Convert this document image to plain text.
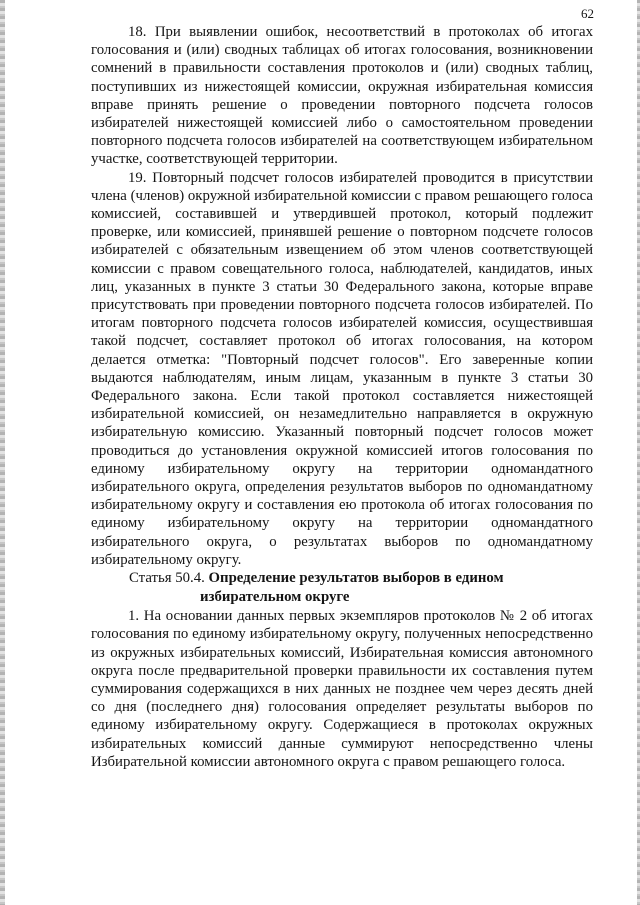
62

18. При выявлении ошибок, несоответствий в протоколах об итогах голосования и (или) сводных таблицах об итогах голосования, возникновении сомнений в правильности составления протоколов и (или) сводных таблиц, поступивших из нижестоящей комиссии, окружная избирательная комиссия вправе принять решение о проведении повторного подсчета голосов избирателей нижестоящей комиссией либо о самостоятельном проведении повторного подсчета голосов избирателей на соответствующем избирательном участке, соответствующей территории.

19. Повторный подсчет голосов избирателей проводится в присутствии члена (членов) окружной избирательной комиссии с правом решающего голоса комиссией, составившей и утвердившей протокол, который подлежит проверке, или комиссией, принявшей решение о повторном подсчете голосов избирателей с обязательным извещением об этом членов соответствующей комиссии с правом совещательного голоса, наблюдателей, кандидатов, иных лиц, указанных в пункте 3 статьи 30 Федерального закона, которые вправе присутствовать при проведении повторного подсчета голосов избирателей. По итогам повторного подсчета голосов избирателей комиссия, осуществившая такой подсчет, составляет протокол об итогах голосования, на котором делается отметка: "Повторный подсчет голосов". Его заверенные копии выдаются наблюдателям, иным лицам, указанным в пункте 3 статьи 30 Федерального закона. Если такой протокол составляется нижестоящей избирательной комиссией, он незамедлительно направляется в окружную избирательную комиссию. Указанный повторный подсчет голосов может проводиться до установления окружной комиссией итогов голосования по единому избирательному округу на территории одномандатного избирательного округа, определения результатов выборов по одномандатному избирательному округу и составления ею протокола об итогах голосования по единому избирательному округу на территории одномандатного избирательного округа, о результатах выборов по одномандатному избирательному округу.

Статья 50.4. Определение результатов выборов в едином
избирательном округе

1. На основании данных первых экземпляров протоколов № 2 об итогах голосования по единому избирательному округу, полученных непосредственно из окружных избирательных комиссий, Избирательная комиссия автономного округа после предварительной проверки правильности их составления путем суммирования содержащихся в них данных не позднее чем через десять дней со дня (последнего дня) голосования определяет результаты выборов по единому избирательному округу. Содержащиеся в протоколах окружных избирательных комиссий данные суммируют непосредственно члены Избирательной комиссии автономного округа с правом решающего голоса.
